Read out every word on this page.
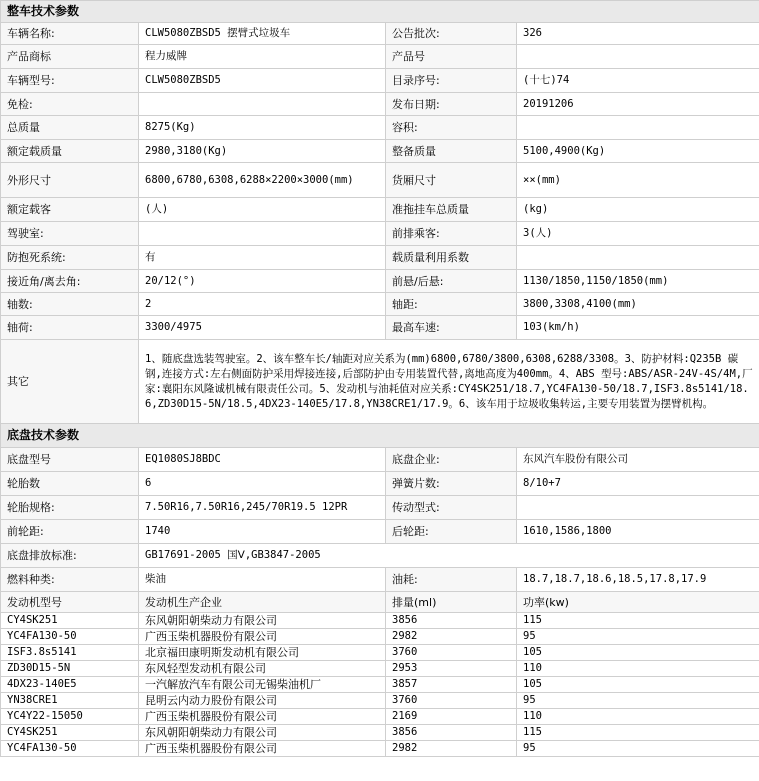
整车技术参数			
车辆名称:	CLW5080ZBSD5 摆臂式垃圾车	公告批次:	326
产品商标	程力威牌	产品号	
车辆型号:	CLW5080ZBSD5	目录序号:	(十七)74
免检:		发布日期:	20191206
总质量	8275(Kg)	容积:	
额定载质量	2980,3180(Kg)	整备质量	5100,4900(Kg)
外形尺寸	6800,6780,6308,6288×2200×3000(mm)	货厢尺寸	××(mm)
额定载客	(人)	准拖挂车总质量	(kg)
驾驶室:		前排乘客:	3(人)
防抱死系统:	有	载质量利用系数	
接近角/离去角:	20/12(°)	前悬/后悬:	1130/1850,1150/1850(mm)
轴数:	2	轴距:	3800,3308,4100(mm)
轴荷:	3300/4975	最高车速:	103(km/h)
其它	1、随底盘选装驾驶室。2、该车整车长/轴距对应关系为(mm)6800,6780/3800,6308,6288/3308。3、防护材料:Q235B 碳钢,连接方式:左右侧面防护采用焊接连接,后部防护由专用装置代替,离地高度为400mm。4、ABS 型号:ABS/ASR-24V-4S/4M,厂家:襄阳东风隆诚机械有限责任公司。5、发动机与油耗值对应关系:CY4SK251/18.7,YC4FA130-50/18.7,ISF3.8s5141/18.6,ZD30D15-5N/18.5,4DX23-140E5/17.8,YN38CRE1/17.9。6、该车用于垃圾收集转运,主要专用装置为摆臂机构。		
底盘技术参数			
底盘型号	EQ1080SJ8BDC	底盘企业:	东风汽车股份有限公司
轮胎数	6	弹簧片数:	8/10+7
轮胎规格:	7.50R16,7.50R16,245/70R19.5 12PR	传动型式:	
前轮距:	1740	后轮距:	1610,1586,1800
底盘排放标准:	GB17691-2005 国Ⅴ,GB3847-2005		
燃料种类:	柴油	油耗:	18.7,18.7,18.6,18.5,17.8,17.9
发动机型号	发动机生产企业	排量(ml)	功率(kw)
CY4SK251	东风朝阳朝柴动力有限公司	3856	115
YC4FA130-50	广西玉柴机器股份有限公司	2982	95
ISF3.8s5141	北京福田康明斯发动机有限公司	3760	105
ZD30D15-5N	东风轻型发动机有限公司	2953	110
4DX23-140E5	一汽解放汽车有限公司无锡柴油机厂	3857	105
YN38CRE1	昆明云内动力股份有限公司	3760	95
YC4Y22-15050	广西玉柴机器股份有限公司	2169	110
CY4SK251	东风朝阳朝柴动力有限公司	3856	115
YC4FA130-50	广西玉柴机器股份有限公司	2982	95
